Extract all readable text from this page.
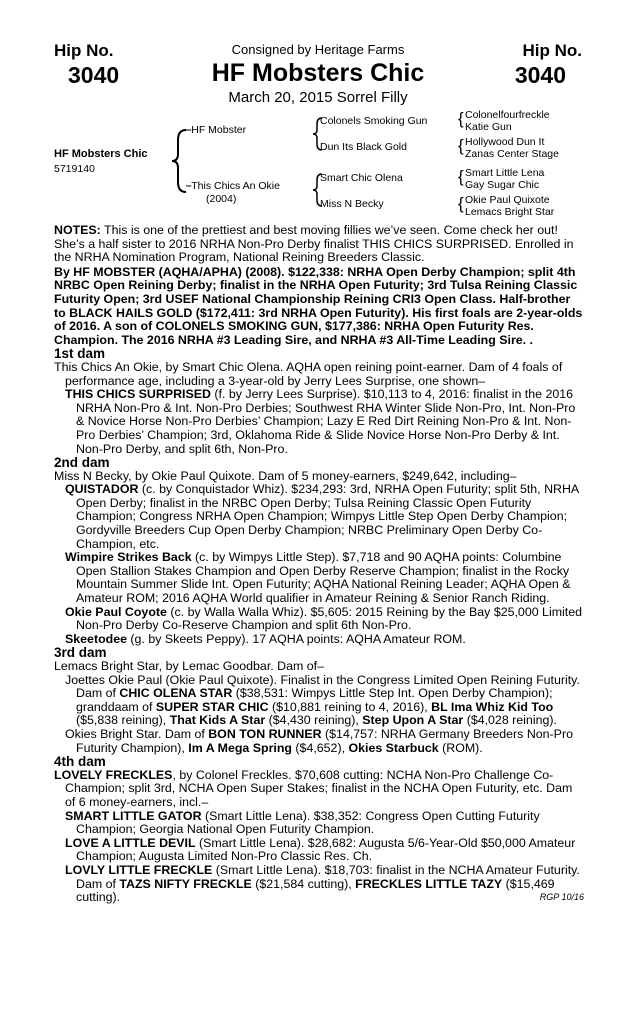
Hip No.
3040
Hip No.
3040
Consigned by Heritage Farms
HF Mobsters Chic
March 20, 2015 Sorrel Filly
HF Mobsters Chic
5719140
⎯HF Mobster
⎯This Chics An Okie
(2004)
Colonels Smoking Gun
Dun Its Black Gold
Smart Chic Olena
Miss N Becky
{ Colonelfourfreckle
Katie Gun
{ Hollywood Dun It
Zanas Center Stage
{ Smart Little Lena
Gay Sugar Chic
{ Okie Paul Quixote
Lemacs Bright Star

NOTES: This is one of the prettiest and best moving fillies we’ve seen. Come check her out! She’s a half sister to 2016 NRHA Non-Pro Derby finalist THIS CHICS SURPRISED. Enrolled in the NRHA Nomination Program, National Reining Breeders Classic.

By HF MOBSTER (AQHA/APHA) (2008). $122,338: NRHA Open Derby Champion; split 4th NRBC Open Reining Derby; finalist in the NRHA Open Futurity; 3rd Tulsa Reining Classic Futurity Open; 3rd USEF National Championship Reining CRI3 Open Class. Half-brother to BLACK HAILS GOLD ($172,411: 3rd NRHA Open Futurity). His first foals are 2-year-olds of 2016. A son of COLONELS SMOKING GUN, $177,386: NRHA Open Futurity Res. Champion. The 2016 NRHA #3 Leading Sire, and NRHA #3 All-Time Leading Sire. .

1st dam

This Chics An Okie, by Smart Chic Olena. AQHA open reining point-earner. Dam of 4 foals of performance age, including a 3-year-old by Jerry Lees Surprise, one shown–

THIS CHICS SURPRISED (f. by Jerry Lees Surprise). $10,113 to 4, 2016: finalist in the 2016 NRHA Non-Pro & Int. Non-Pro Derbies; Southwest RHA Winter Slide Non-Pro, Int. Non-Pro & Novice Horse Non-Pro Derbies’ Champion; Lazy E Red Dirt Reining Non-Pro & Int. Non-Pro Derbies’ Champion; 3rd, Oklahoma Ride & Slide Novice Horse Non-Pro Derby & Int. Non-Pro Derby, and split 6th, Non-Pro.

2nd dam

Miss N Becky, by Okie Paul Quixote. Dam of 5 money-earners, $249,642, including–

QUISTADOR (c. by Conquistador Whiz). $234,293: 3rd, NRHA Open Futurity; split 5th, NRHA Open Derby; finalist in the NRBC Open Derby; Tulsa Reining Classic Open Futurity Champion; Congress NRHA Open Champion; Wimpys Little Step Open Derby Champion; Gordyville Breeders Cup Open Derby Champion; NRBC Preliminary Open Derby Co-Champion, etc.

Wimpire Strikes Back (c. by Wimpys Little Step). $7,718 and 90 AQHA points: Columbine Open Stallion Stakes Champion and Open Derby Reserve Champion; finalist in the Rocky Mountain Summer Slide Int. Open Futurity; AQHA National Reining Leader; AQHA Open & Amateur ROM; 2016 AQHA World qualifier in Amateur Reining & Senior Ranch Riding.

Okie Paul Coyote (c. by Walla Walla Whiz). $5,605: 2015 Reining by the Bay $25,000 Limited Non-Pro Derby Co-Reserve Champion and split 6th Non-Pro.

Skeetodee (g. by Skeets Peppy). 17 AQHA points: AQHA Amateur ROM.

3rd dam

Lemacs Bright Star, by Lemac Goodbar. Dam of–

Joettes Okie Paul (Okie Paul Quixote). Finalist in the Congress Limited Open Reining Futurity. Dam of CHIC OLENA STAR ($38,531: Wimpys Little Step Int. Open Derby Champion); granddaam of SUPER STAR CHIC ($10,881 reining to 4, 2016), BL Ima Whiz Kid Too ($5,838 reining), That Kids A Star ($4,430 reining), Step Upon A Star ($4,028 reining).

Okies Bright Star. Dam of BON TON RUNNER ($14,757: NRHA Germany Breeders Non-Pro Futurity Champion), Im A Mega Spring ($4,652), Okies Starbuck (ROM).

4th dam

LOVELY FRECKLES, by Colonel Freckles. $70,608 cutting: NCHA Non-Pro Challenge Co-Champion; split 3rd, NCHA Open Super Stakes; finalist in the NCHA Open Futurity, etc. Dam of 6 money-earners, incl.–

SMART LITTLE GATOR (Smart Little Lena). $38,352: Congress Open Cutting Futurity Champion; Georgia National Open Futurity Champion.

LOVE A LITTLE DEVIL (Smart Little Lena). $28,682: Augusta 5/6-Year-Old $50,000 Amateur Champion; Augusta Limited Non-Pro Classic Res. Ch.

LOVLY LITTLE FRECKLE (Smart Little Lena). $18,703: finalist in the NCHA Amateur Futurity. Dam of TAZS NIFTY FRECKLE ($21,584 cutting), FRECKLES LITTLE TAZY ($15,469 cutting).	RGP 10/16
